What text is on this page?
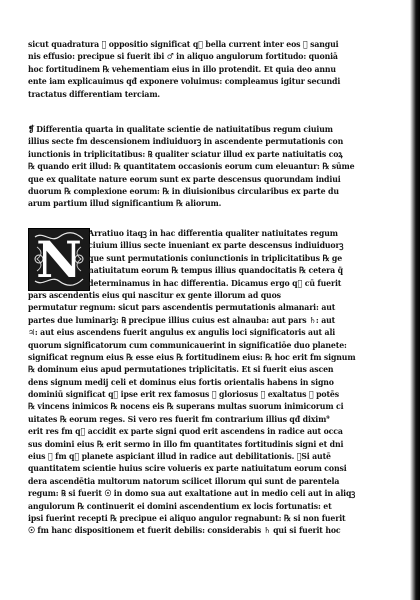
sicut quadratura ℞ oppositio significat q᷑ bella current inter eos ℞ sangui
nis effusio: precipue si fuerit ibi ♂ in aliquo angulorum fortitudo: quoniā
hoc fortitudinem ℞ vehementiam eius in illo protendit. Et quia deo annu
ente iam explicauimus qđ exponere voluimus: compleamus igitur secundi
tractatus differentiam terciam.
❡ Differentia quarta in qualitate scientie de natiuitatibus regum ciuium
illius secte fm descensionem indiuiduorꝫ in ascendente permutationis con
iunctionis in triplicitatibus: ℞ qualiter sciatur illud ex parte natiuitatis coꝝ
℞ quando erit illud: ℞ quantitatem occasionis eorum cum eleuantur: ℞ sūme
que ex qualitate nature eorum sunt ex parte descensus quorundam indiui
duorum ℞ complexione eorum: ℞ in diuisionibus circularibus ex parte du
arum partium illud significantium ℞ aliorum.
N Arratiuo itaqꝫ in hac differentia qualiter natiuitates regum
ciuium illius secte inueniant ex parte descensus indiuiduorꝫ
que sunt permutationis coniunctionis in triplicitatibus ℞ ge
natiuitatum eorum ℞ tempus illius quandocitatis ℞ cetera q̄
determinamus in hac differentia. Dicamus ergo q᷑ cū fuerit
pars ascendentis eius qui nascitur ex gente illorum ad quos
permutatur regnum: sicut pars ascendentis permutationis almanari: aut
partes due luminariꝫ: ℞ precipue illius cuius est alnauba: aut pars ♄: aut
♃: aut eius ascendens fuerit angulus ex angulis loci significatoris aut ali
quorum significatorum cum communicauerint in significatiōe duo planete:
significat regnum eius ℞ esse eius ℞ fortitudinem eius: ℞ hoc erit fm signum
℞ dominum eius apud permutationes triplicitatis. Et si fuerit eius ascen
dens signum medij celi et dominus eius fortis orientalis habens in signo
dominiū significat q᷑ ipse erit rex famosus ℞ gloriosus ℞ exaltatus ℞ potēs
℞ vincens inimicos ℞ nocens eis ℞ superans multas suorum inimicorum ci
uitates ℞ eorum reges. Si vero res fuerit fm contrarium illius qđ dixim⁹
erit res fm q᷑ accidit ex parte signi quod erit ascendens in radice aut occa
sus domini eius ℞ erit sermo in illo fm quantitates fortitudinis signi et dni
eius ℞ fm q᷑ planete aspiciant illud in radice aut debilitationis. ❡Si autē
quantitatem scientie huius scire volueris ex parte natiuitatum eorum consi
dera ascendētia multorum natorum scilicet illorum qui sunt de parentela
regum: ℞ si fuerit ☉ in domo sua aut exaltatione aut in medio celi aut in aliqꝫ
angulorum ℞ continuerit ei domini ascendentium ex locis fortunatis: et
ipsi fuerint recepti ℞ precipue ei aliquo angulor regnabunt: ℞ si non fuerit
☉ fm hanc dispositionem et fuerit debilis: considerabis ♄ qui si fuerit hoc
